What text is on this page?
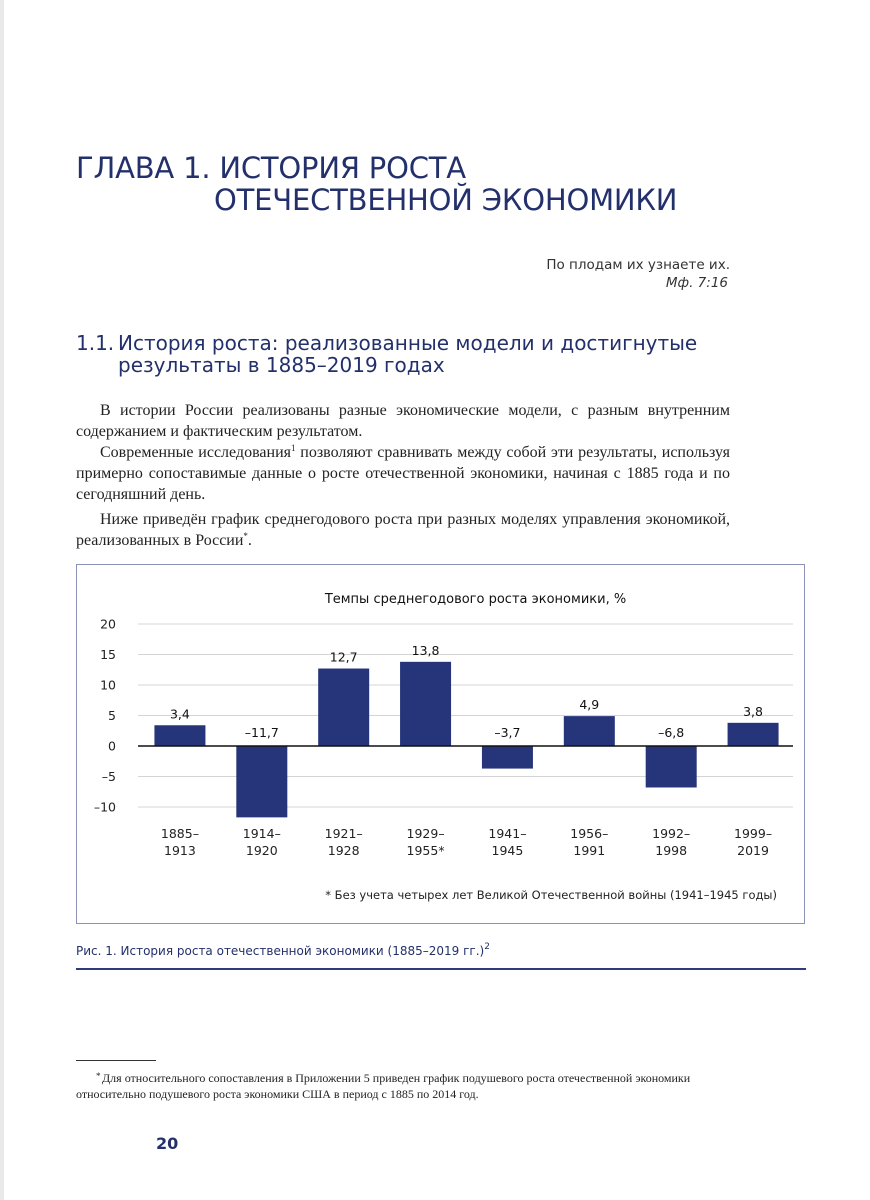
ГЛАВА 1. ИСТОРИЯ РОСТА
ОТЕЧЕСТВЕННОЙ ЭКОНОМИКИ
По плодам их узнаете их.
Мф. 7:16
1.1. История роста: реализованные модели и достигнутые
результаты в 1885–2019 годах

В истории России реализованы разные экономические модели, с разным внутренним содержанием и фактическим результатом.

Современные исследования$^1$ позволяют сравнивать между собой эти результаты, используя примерно сопоставимые данные о росте отечественной экономики, начиная с 1885 года и по сегодняшний день.

Ниже приведён график среднегодового роста при разных моделях управления экономикой, реализованных в России*.

Темпы среднегодового роста экономики, %
20
15
10
5
0
–5
–10
3,4
1885– 1913
–11,7
1914– 1920
12,7
1921– 1928
13,8
1929– 1955*
–3,7
1941– 1945
4,9
1956– 1991
–6,8
1992– 1998
3,8
1999– 2019
* Без учета четырех лет Великой Отечественной войны (1941–1945 годы)
Рис. 1. История роста отечественной экономики (1885–2019 гг.)$^2$
* Для относительного сопоставления в Приложении 5 приведен график подушевого роста отечественной экономики относительно подушевого роста экономики США в период с 1885 по 2014 год.
20
